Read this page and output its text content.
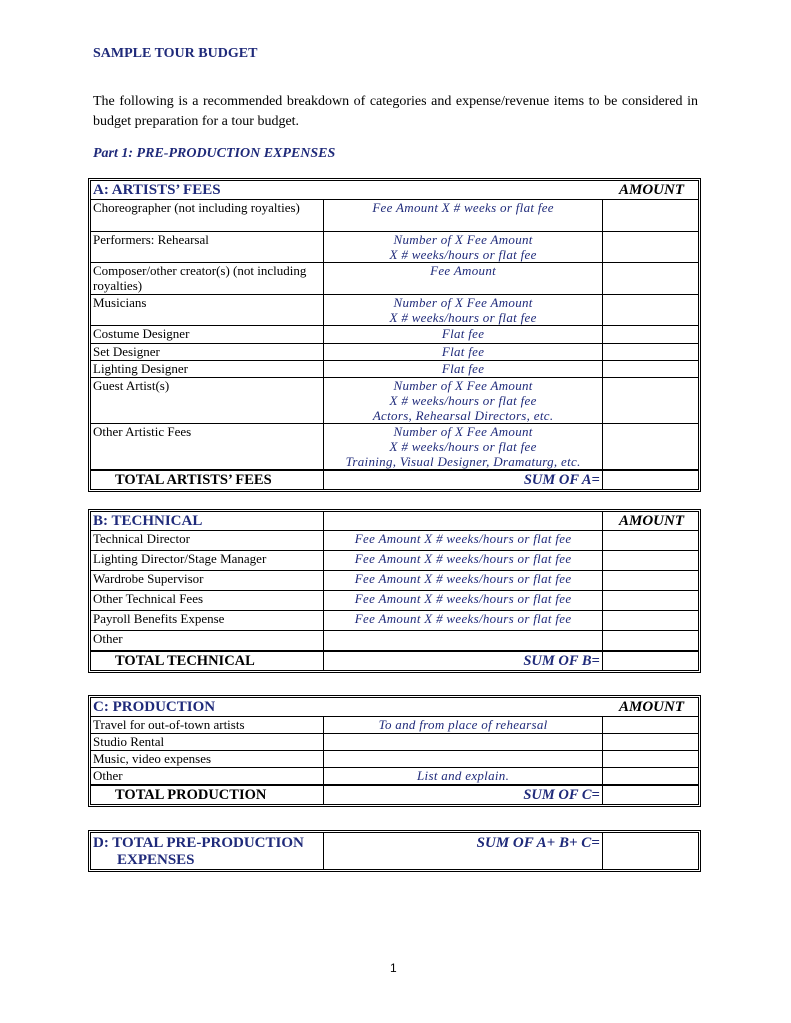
SAMPLE TOUR BUDGET
The following is a recommended breakdown of categories and expense/revenue items to be considered in budget preparation for a tour budget.
Part 1: PRE-PRODUCTION EXPENSES
A: ARTISTS’ FEES		AMOUNT
Choreographer (not including royalties)	Fee Amount X # weeks or flat fee	
Performers: Rehearsal	Number of X Fee Amount
X # weeks/hours or flat fee	
Composer/other creator(s) (not including royalties)	Fee Amount	
Musicians	Number of X Fee Amount
X # weeks/hours or flat fee	
Costume Designer	Flat fee	
Set Designer	Flat fee	
Lighting Designer	Flat fee	
Guest Artist(s)	Number of X Fee Amount
X # weeks/hours or flat fee
Actors, Rehearsal Directors, etc.	
Other Artistic Fees	Number of X Fee Amount
X # weeks/hours or flat fee
Training, Visual Designer, Dramaturg, etc.	
TOTAL ARTISTS’ FEES	SUM OF A=	
B: TECHNICAL		AMOUNT
Technical Director	Fee Amount X # weeks/hours or flat fee	
Lighting Director/Stage Manager	Fee Amount X # weeks/hours or flat fee	
Wardrobe Supervisor	Fee Amount X # weeks/hours or flat fee	
Other Technical Fees	Fee Amount X # weeks/hours or flat fee	
Payroll Benefits Expense	Fee Amount X # weeks/hours or flat fee	
Other		
TOTAL TECHNICAL	SUM OF B=	
C: PRODUCTION		AMOUNT
Travel for out-of-town artists	To and from place of rehearsal	
Studio Rental		
Music, video expenses		
Other	List and explain.	
TOTAL PRODUCTION	SUM OF C=	
D: TOTAL PRE-PRODUCTION
EXPENSES	SUM OF A+ B+ C=	
1
